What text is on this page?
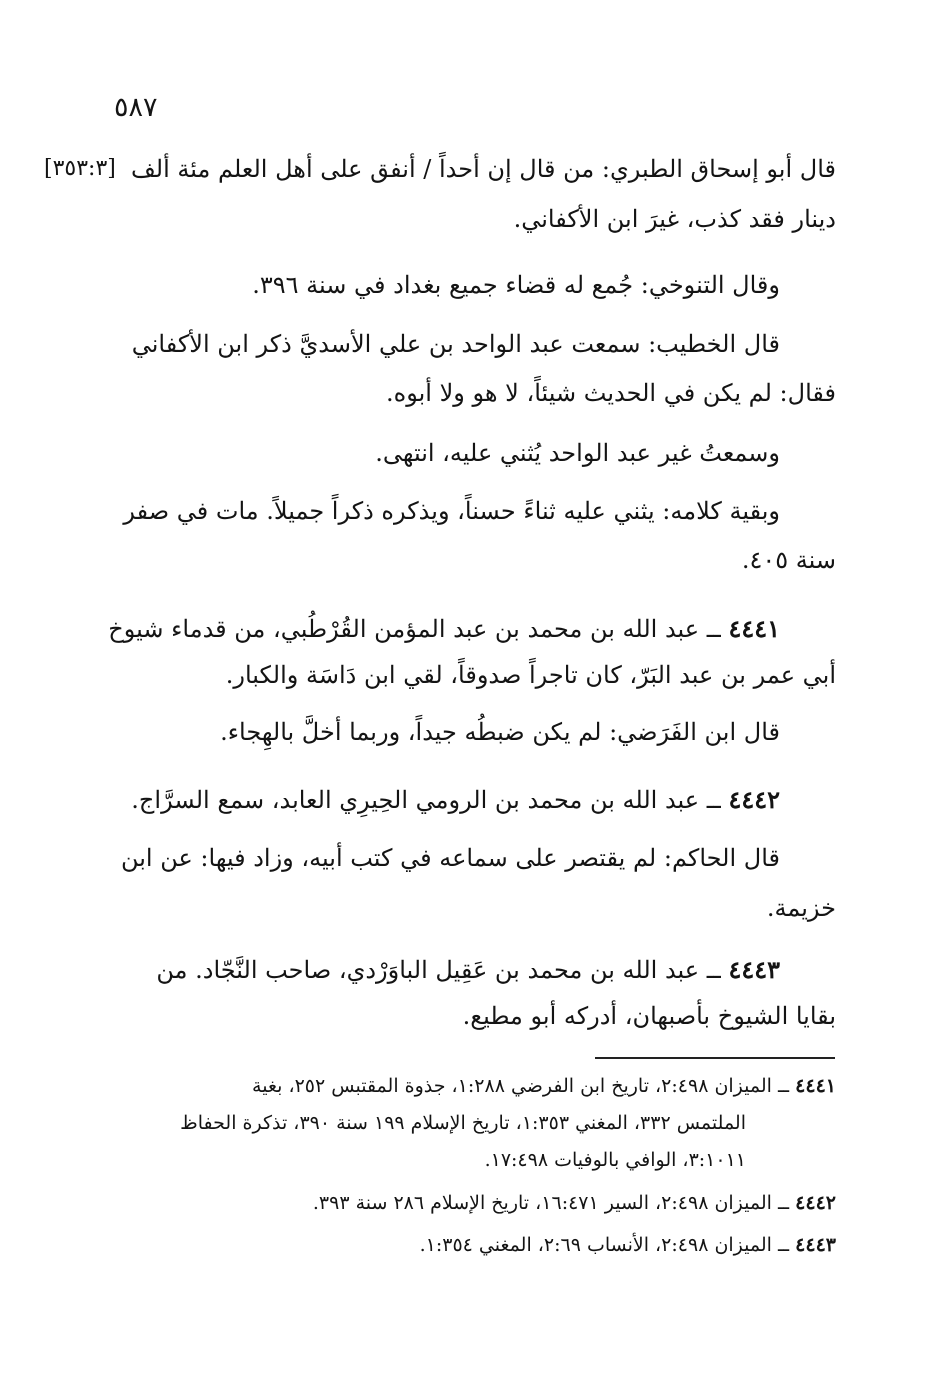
٥٨٧
[٣٥٣:٣] قال أبو إسحاق الطبري: من قال إن أحداً / أنفق على أهل العلم مئة ألف
دينار فقد كذب، غيرَ ابن الأكفاني.
وقال التنوخي: جُمع له قضاء جميع بغداد في سنة ٣٩٦.
قال الخطيب: سمعت عبد الواحد بن علي الأسديَّ ذكر ابن الأكفاني
فقال: لم يكن في الحديث شيئاً، لا هو ولا أبوه.
وسمعتُ غير عبد الواحد يُثني عليه، انتهى.
وبقية كلامه: يثني عليه ثناءً حسناً، ويذكره ذكراً جميلاً. مات في صفر
سنة ٤٠٥.
٤٤٤١ ــ عبد الله بن محمد بن عبد المؤمن القُرْطُبي، من قدماء شيوخ
أبي عمر بن عبد البَرّ، كان تاجراً صدوقاً، لقي ابن دَاسَة والكبار.
قال ابن الفَرَضي: لم يكن ضبطُه جيداً، وربما أخلَّ بالهِجاء.
٤٤٤٢ ــ عبد الله بن محمد بن الرومي الحِيرِي العابد، سمع السرَّاج.
قال الحاكم: لم يقتصر على سماعه في كتب أبيه، وزاد فيها: عن ابن
خزيمة.
٤٤٤٣ ــ عبد الله بن محمد بن عَقِيل الباوَرْدي، صاحب النَّجّاد. من
بقايا الشيوخ بأصبهان، أدركه أبو مطيع.
٤٤٤١ ــ الميزان ٢:٤٩٨، تاريخ ابن الفرضي ١:٢٨٨، جذوة المقتبس ٢٥٢، بغية
الملتمس ٣٣٢، المغني ١:٣٥٣، تاريخ الإسلام ١٩٩ سنة ٣٩٠، تذكرة الحفاظ
٣:١٠١١، الوافي بالوفيات ١٧:٤٩٨.
٤٤٤٢ ــ الميزان ٢:٤٩٨، السير ١٦:٤٧١، تاريخ الإسلام ٢٨٦ سنة ٣٩٣.
٤٤٤٣ ــ الميزان ٢:٤٩٨، الأنساب ٢:٦٩، المغني ١:٣٥٤.
